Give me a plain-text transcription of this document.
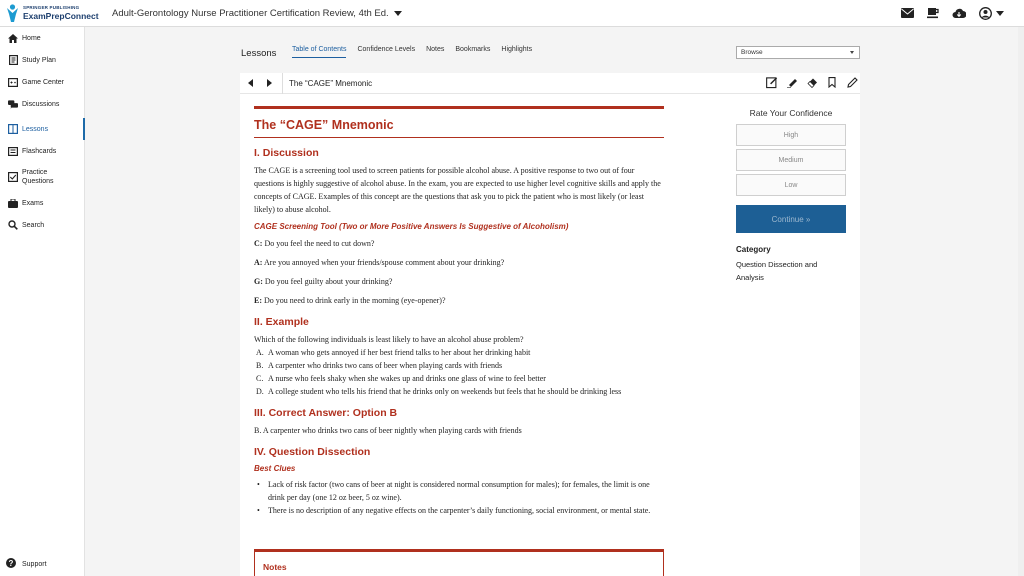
SPRINGER PUBLISHING
ExamPrepConnect Adult-Gerontology Nurse Practitioner Certification Review, 4th Ed.
Home
Study Plan
Game Center
Discussions
Lessons
Flashcards
Practice
Questions
Exams
Search
? Support
Lessons Table of Contents Confidence Levels Notes Bookmarks Highlights	Browse
The “CAGE” Mnemonic
The “CAGE” Mnemonic
I. Discussion

The CAGE is a screening tool used to screen patients for possible alcohol abuse. A positive response to two out of four questions is highly suggestive of alcohol abuse. In the exam, you are expected to use higher level cognitive skills and apply the concepts of CAGE. Examples of this concept are the questions that ask you to pick the patient who is most likely (or least likely) to abuse alcohol.

CAGE Screening Tool (Two or More Positive Answers Is Suggestive of Alcoholism)

C: Do you feel the need to cut down?

A: Are you annoyed when your friends/spouse comment about your drinking?

G: Do you feel guilty about your drinking?

E: Do you need to drink early in the morning (eye-opener)?

II. Example

Which of the following individuals is least likely to have an alcohol abuse problem?

A. A woman who gets annoyed if her best friend talks to her about her drinking habit
B. A carpenter who drinks two cans of beer when playing cards with friends
C. A nurse who feels shaky when she wakes up and drinks one glass of wine to feel better
D. A college student who tells his friend that he drinks only on weekends but feels that he should be drinking less
III. Correct Answer: Option B

B. A carpenter who drinks two cans of beer nightly when playing cards with friends

IV. Question Dissection
Best Clues
• Lack of risk factor (two cans of beer at night is considered normal consumption for males); for females, the limit is one drink per day (one 12 oz beer, 5 oz wine).
• There is no description of any negative effects on the carpenter’s daily functioning, social environment, or mental state.
Notes
Rate Your Confidence
High
Medium
Low
Continue »
Category
Question Dissection and Analysis
